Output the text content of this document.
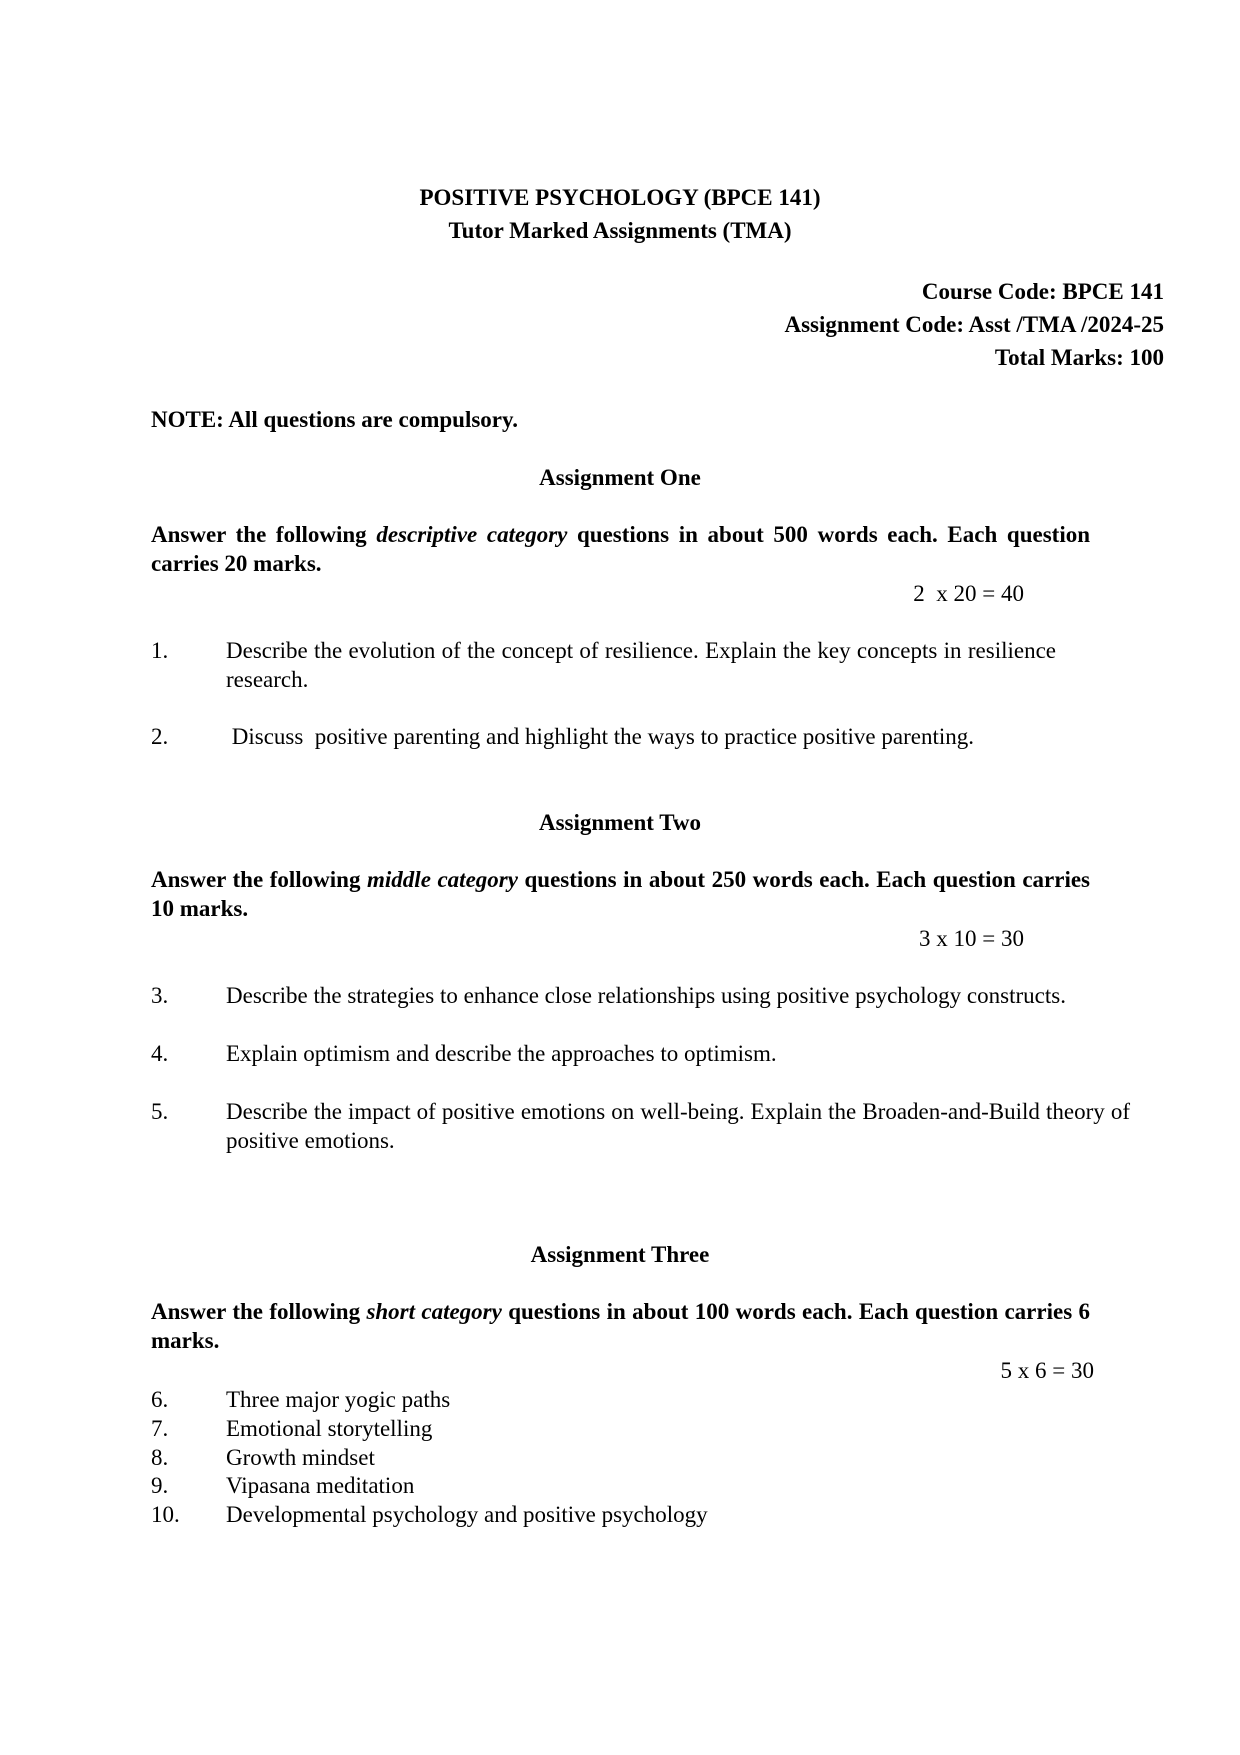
POSITIVE PSYCHOLOGY (BPCE 141)
Tutor Marked Assignments (TMA)
Course Code: BPCE 141
Assignment Code: Asst /TMA /2024-25
Total Marks: 100
NOTE: All questions are compulsory.
Assignment One
Answer the following descriptive category questions in about 500 words each. Each question carries 20 marks.
2  x 20 = 40
1.	Describe the evolution of the concept of resilience. Explain the key concepts in resilience research.
2.	Discuss  positive parenting and highlight the ways to practice positive parenting.
Assignment Two
Answer the following middle category questions in about 250 words each. Each question carries 10 marks.
3 x 10 = 30
3.	Describe the strategies to enhance close relationships using positive psychology constructs.
4.	Explain optimism and describe the approaches to optimism.
5.	Describe the impact of positive emotions on well-being. Explain the Broaden-and-Build theory of positive emotions.
Assignment Three
Answer the following short category questions in about 100 words each. Each question carries 6 marks.
5 x 6 = 30
6.	Three major yogic paths
7.	Emotional storytelling
8.	Growth mindset
9.	Vipasana meditation
10. Developmental psychology and positive psychology
